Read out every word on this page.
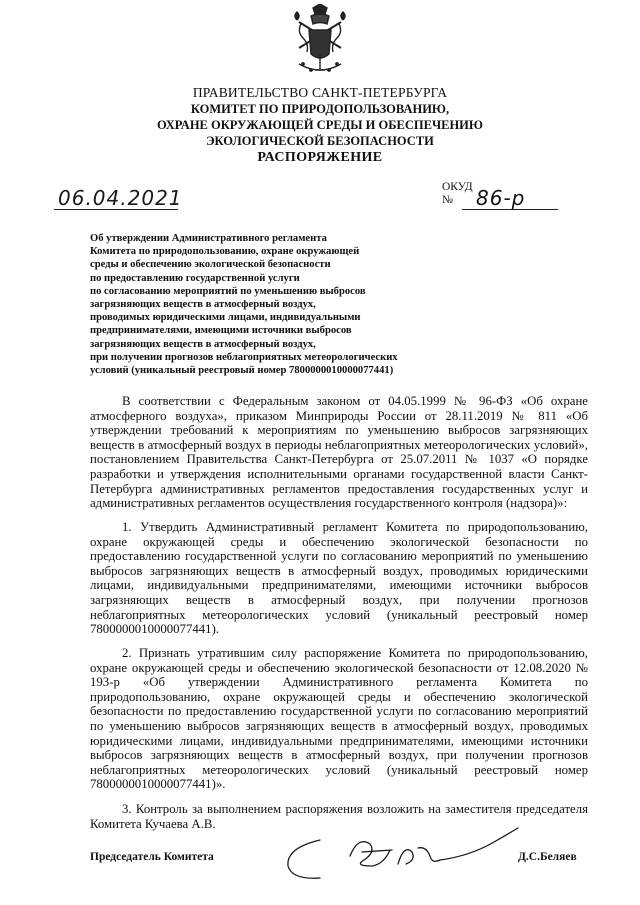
ПРАВИТЕЛЬСТВО САНКТ-ПЕТЕРБУРГА
КОМИТЕТ ПО ПРИРОДОПОЛЬЗОВАНИЮ,
ОХРАНЕ ОКРУЖАЮЩЕЙ СРЕДЫ И ОБЕСПЕЧЕНИЮ
ЭКОЛОГИЧЕСКОЙ БЕЗОПАСНОСТИ
РАСПОРЯЖЕНИЕ
06.04.2021	ОКУД
№	86-р
Об утверждении Административного регламента
Комитета по природопользованию, охране окружающей
среды и обеспечению экологической безопасности
по предоставлению государственной услуги
по согласованию мероприятий по уменьшению выбросов
загрязняющих веществ в атмосферный воздух,
проводимых юридическими лицами, индивидуальными
предпринимателями, имеющими источники выбросов
загрязняющих веществ в атмосферный воздух,
при получении прогнозов неблагоприятных метеорологических
условий (уникальный реестровый номер 7800000010000077441)
В соответствии с Федеральным законом от 04.05.1999 № 96-ФЗ «Об охране атмосферного воздуха», приказом Минприроды России от 28.11.2019 № 811 «Об утверждении требований к мероприятиям по уменьшению выбросов загрязняющих веществ в атмосферный воздух в периоды неблагоприятных метеорологических условий», постановлением Правительства Санкт-Петербурга от 25.07.2011 № 1037 «О порядке разработки и утверждения исполнительными органами государственной власти Санкт-Петербурга административных регламентов предоставления государственных услуг и административных регламентов осуществления государственного контроля (надзора)»:
1. Утвердить Административный регламент Комитета по природопользованию, охране окружающей среды и обеспечению экологической безопасности по предоставлению государственной услуги по согласованию мероприятий по уменьшению выбросов загрязняющих веществ в атмосферный воздух, проводимых юридическими лицами, индивидуальными предпринимателями, имеющими источники выбросов загрязняющих веществ в атмосферный воздух, при получении прогнозов неблагоприятных метеорологических условий (уникальный реестровый номер 7800000010000077441).
2. Признать утратившим силу распоряжение Комитета по природопользованию, охране окружающей среды и обеспечению экологической безопасности от 12.08.2020 № 193-р «Об утверждении Административного регламента Комитета по природопользованию, охране окружающей среды и обеспечению экологической безопасности по предоставлению государственной услуги по согласованию мероприятий по уменьшению выбросов загрязняющих веществ в атмосферный воздух, проводимых юридическими лицами, индивидуальными предпринимателями, имеющими источники выбросов загрязняющих веществ в атмосферный воздух, при получении прогнозов неблагоприятных метеорологических условий (уникальный реестровый номер 7800000010000077441)».
3. Контроль за выполнением распоряжения возложить на заместителя председателя Комитета Кучаева А.В.
Председатель Комитета	Д.С.Беляев
